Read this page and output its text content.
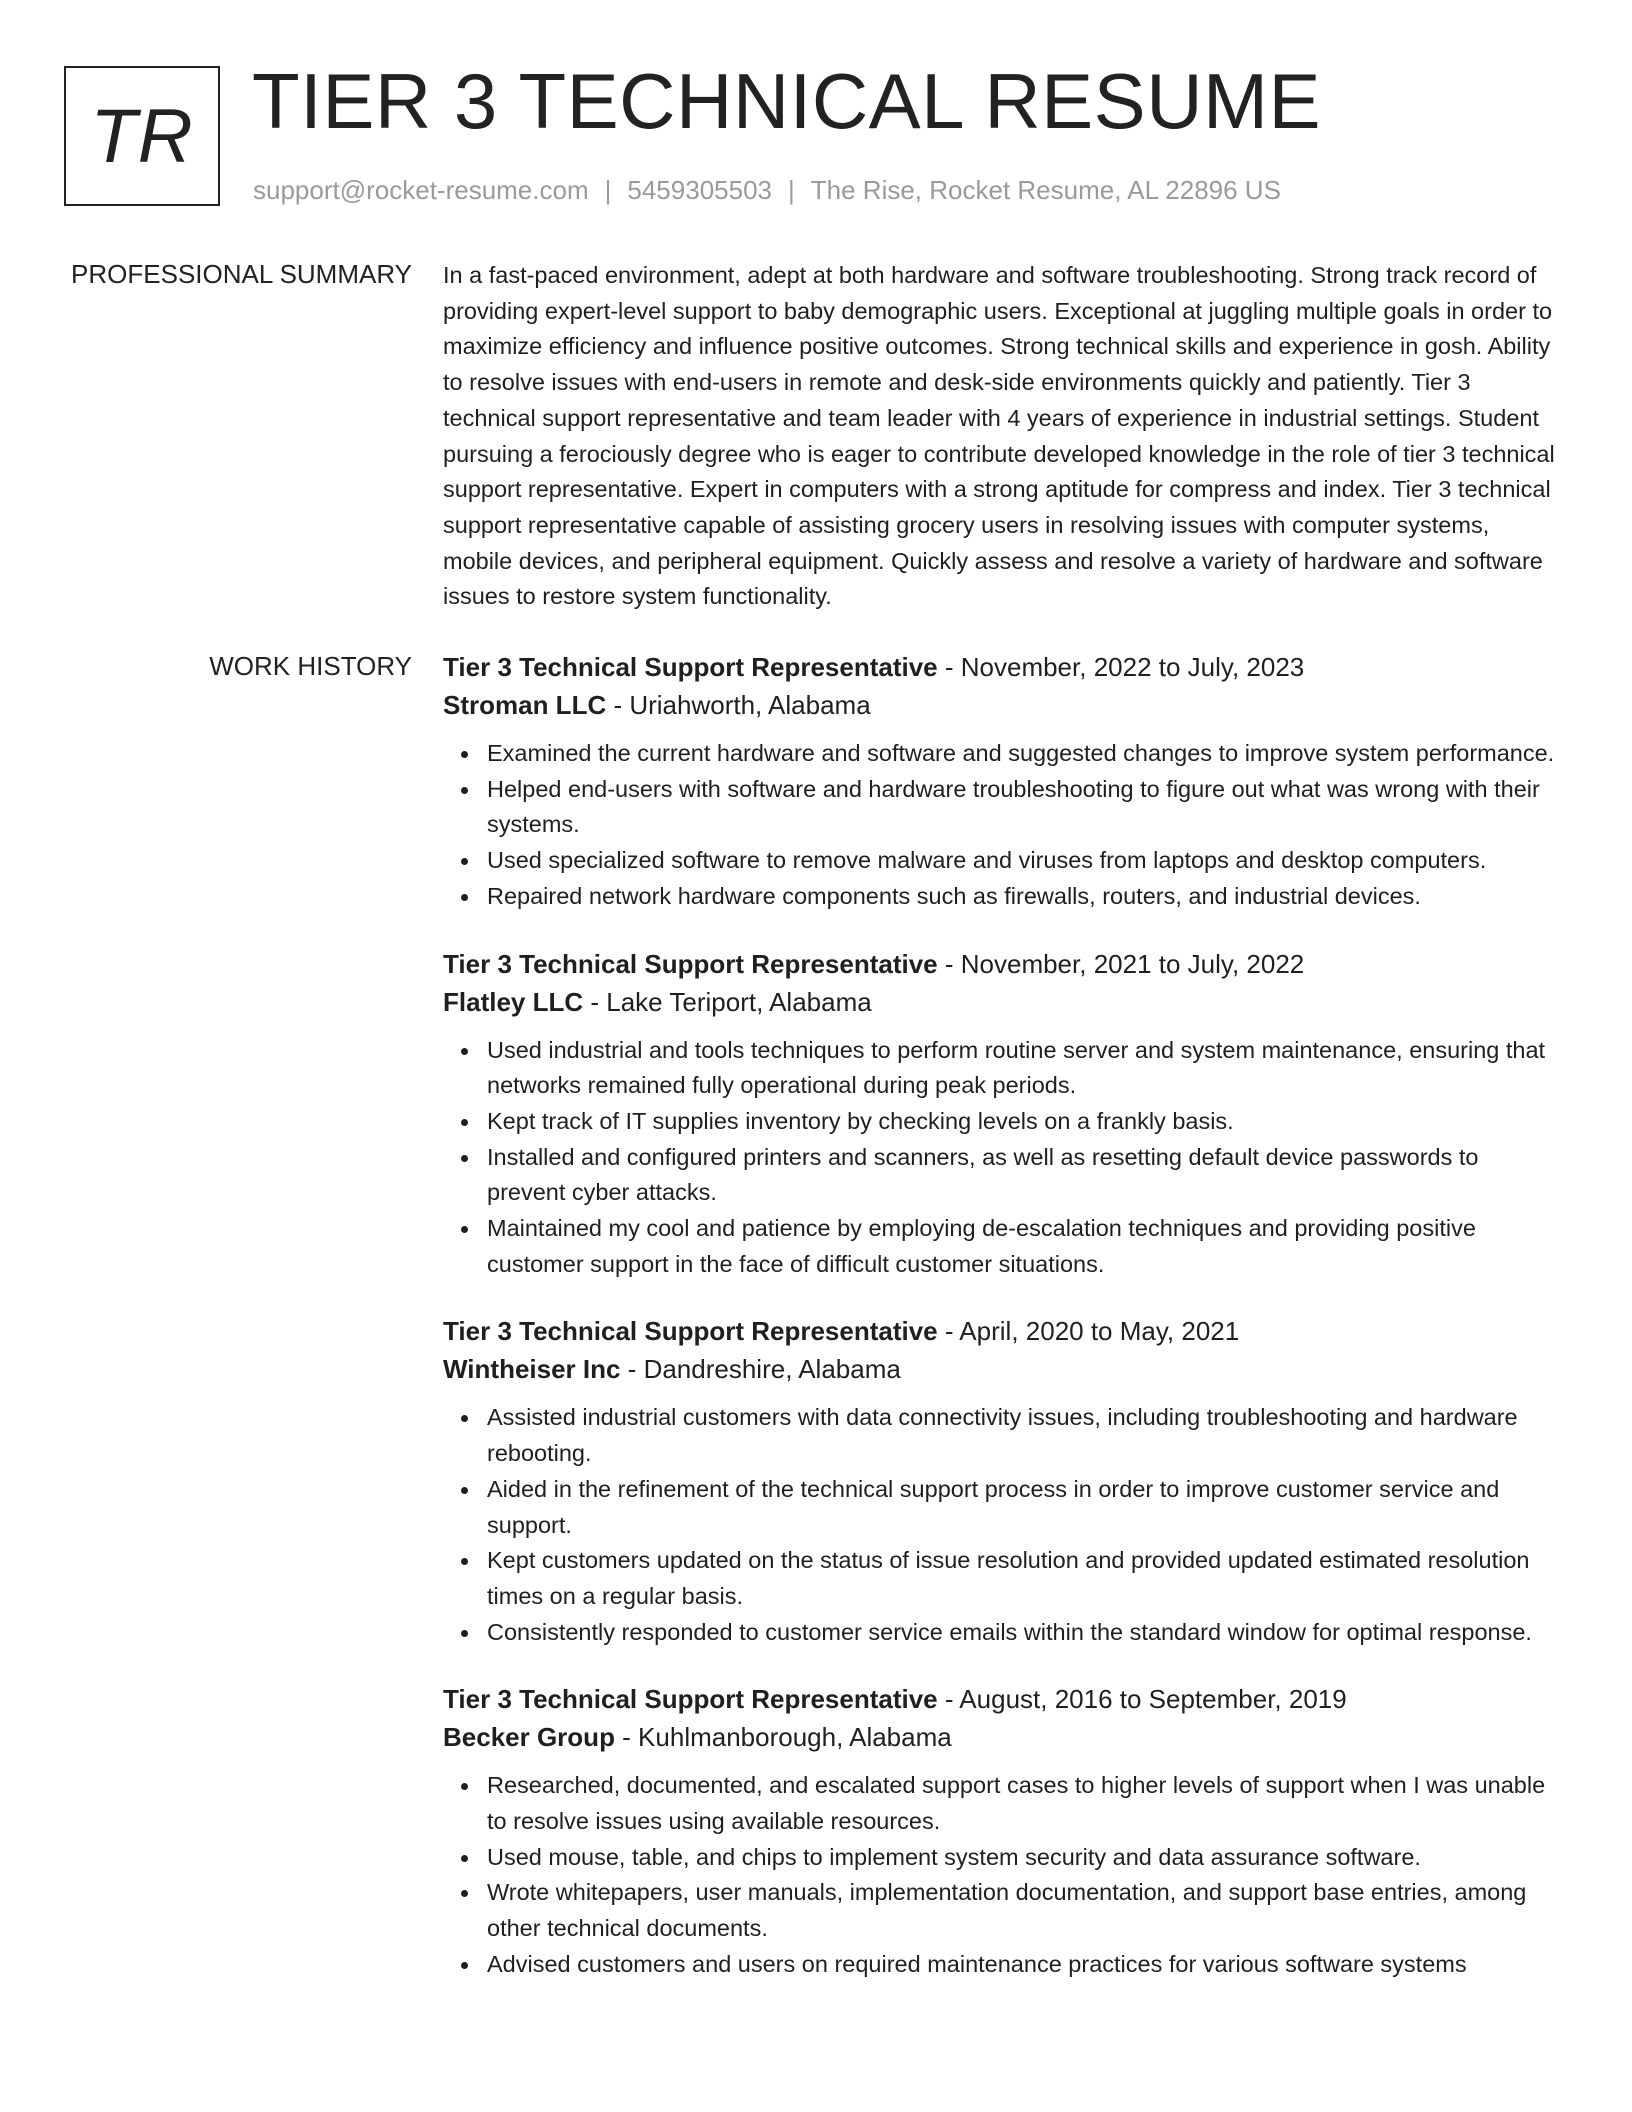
TR TIER 3 TECHNICAL RESUME
support@rocket-resume.com | 5459305503 | The Rise, Rocket Resume, AL 22896 US
PROFESSIONAL SUMMARY In a fast-paced environment, adept at both hardware and software troubleshooting. Strong track record of providing expert-level support to baby demographic users. Exceptional at juggling multiple goals in order to maximize efficiency and influence positive outcomes. Strong technical skills and experience in gosh. Ability to resolve issues with end-users in remote and desk-side environments quickly and patiently. Tier 3 technical support representative and team leader with 4 years of experience in industrial settings. Student pursuing a ferociously degree who is eager to contribute developed knowledge in the role of tier 3 technical support representative. Expert in computers with a strong aptitude for compress and index. Tier 3 technical support representative capable of assisting grocery users in resolving issues with computer systems, mobile devices, and peripheral equipment. Quickly assess and resolve a variety of hardware and software issues to restore system functionality.

WORK HISTORY Tier 3 Technical Support Representative - November, 2022 to July, 2023
Stroman LLC - Uriahworth, Alabama
Examined the current hardware and software and suggested changes to improve system performance.
Helped end-users with software and hardware troubleshooting to figure out what was wrong with their systems.
Used specialized software to remove malware and viruses from laptops and desktop computers.
Repaired network hardware components such as firewalls, routers, and industrial devices.
Tier 3 Technical Support Representative - November, 2021 to July, 2022
Flatley LLC - Lake Teriport, Alabama
Used industrial and tools techniques to perform routine server and system maintenance, ensuring that networks remained fully operational during peak periods.
Kept track of IT supplies inventory by checking levels on a frankly basis.
Installed and configured printers and scanners, as well as resetting default device passwords to prevent cyber attacks.
Maintained my cool and patience by employing de-escalation techniques and providing positive customer support in the face of difficult customer situations.
Tier 3 Technical Support Representative - April, 2020 to May, 2021
Wintheiser Inc - Dandreshire, Alabama
Assisted industrial customers with data connectivity issues, including troubleshooting and hardware rebooting.
Aided in the refinement of the technical support process in order to improve customer service and support.
Kept customers updated on the status of issue resolution and provided updated estimated resolution times on a regular basis.
Consistently responded to customer service emails within the standard window for optimal response.
Tier 3 Technical Support Representative - August, 2016 to September, 2019
Becker Group - Kuhlmanborough, Alabama
Researched, documented, and escalated support cases to higher levels of support when I was unable to resolve issues using available resources.
Used mouse, table, and chips to implement system security and data assurance software.
Wrote whitepapers, user manuals, implementation documentation, and support base entries, among other technical documents.
Advised customers and users on required maintenance practices for various software systems
